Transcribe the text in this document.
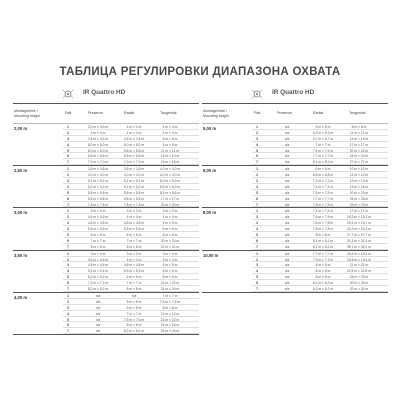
ТАБЛИЦА РЕГУЛИРОВКИ ДИАПАЗОНА ОХВАТА
IR Quattro HD
Montagehöhe / Mounting height
Patt	Presence	Radial	Tangential
2,00 m	1	3,0 m × 3,0 m	4 m × 4 m	4 m × 4 m
2	4 m × 4 m	4 m × 4 m	4 m × 4 m
3	4,5 m × 4,5 m	4,5 m × 4,5 m	5 m × 5 m
4	5,0 m × 5,0 m	5,0 m × 5,0 m	6 m × 6 m
5	6,0 m × 6,0 m	5,8 m × 5,8 m	11 m × 11 m
6	6,8 m × 6,8 m	6,8 m × 6,8 m	13 m × 13 m
7	7,0 m × 7,0 m	7,0 m × 7,0 m	16 m × 16 m
2,50 m	1	3,8 m × 3,8 m	3,8 m × 3,8 m	4,0 m × 4,0 m
2	4,0 m × 4,0 m	4,0 m × 4,0 m	4,0 m × 4,0 m
3	5,1 m × 5,1 m	5,1 m × 5,1 m	5,0 m × 5,0 m
4	5,2 m × 5,2 m	5,2 m × 5,2 m	6,0 m × 6,0 m
5	5,8 m × 5,8 m	5,8 m × 5,8 m	8,5 m × 8,5 m
6	6,8 m × 6,8 m	6,8 m × 6,8 m	17 m × 17 m
7	7,8 m × 7,8 m	7,8 m × 7,8 m	20 m × 20 m
3,00 m	1	3 m × 3 m	3 m × 3 m	3 m × 3 m
2	4,6 m × 4,6 m	4 m × 4 m	4 m × 4 m
3	4,8 m × 4,8 m	4,8 m × 4,8 m	5 m × 5 m
4	5,5 m × 5,5 m	5,5 m × 5,5 m	6 m × 6 m
5	6 m × 6 m	6 m × 6 m	8 m × 8 m
6	7 m × 7 m	7 m × 7 m	20 m × 20 m
7	8 m × 8 m	8 m × 8 m	22 m × 22 m
3,50 m	1	3 m × 3 m	3 m × 3 m	3 m × 3 m
2	4,6 m × 4,6 m	4 m × 4 m	4 m × 4 m
3	4,8 m × 4,8 m	4,8 m × 4,8 m	5 m × 5 m
4	5,4 m × 5,4 m	5,5 m × 5,5 m	6 m × 6 m
5	6,2 m × 6,2 m	6 m × 6 m	8 m × 8 m
6	7,2 m × 7,2 m	7 m × 7 m	22 m × 22 m
7	8,2 m × 8,2 m	8 m × 8 m	24 m × 24 m
4,00 m	1	n/a	n/a	7 m × 7 m
2	n/a	5 m × 5 m	7,5 m × 7,5 m
3	n/a	6 m × 6 m	8 m × 8 m
4	n/a	7 m × 7 m	12 m × 12 m
5	n/a	7,5 m × 7,5 m	22 m × 22 m
6	n/a	8 m × 8 m	24 m × 24 m
7	n/a	8,2 m × 8,2 m	24 m × 24 m
IR Quattro HD
Montagehöhe / Mounting height
Patt	Presence	Radial	Tangential
5,00 m	1	n/a	5 m × 5 m	8 m × 8 m
2	n/a	6,3 m × 6,3 m	11 m × 11 m
3	n/a	6,7 m × 6,7 m	14 m × 14 m
4	n/a	7 m × 7 m	17 m × 17 m
5	n/a	7,4 m × 7,4 m	20 m × 20 m
6	n/a	7,7 m × 7,7 m	24 m × 24 m
7	n/a	8,1 m × 8,1 m	27 m × 27 m
6,00 m	1	n/a	6 m × 6 m	10 m × 10 m
2	n/a	6,8 m × 6,8 m	12 m × 12 m
3	n/a	7,2 m × 7,2 m	13 m × 13 m
4	n/a	7,4 m × 7,4 m	16 m × 16 m
5	n/a	7,5 m × 7,5 m	20 m × 20 m
6	n/a	7,7 m × 7,7 m	26 m × 26 m
7	n/a	7,8 m × 7,8 m	29 m × 29 m
8,00 m	1	n/a	7,4 m × 7,4 m	17 m × 17 m
2	n/a	7,6 m × 7,6 m	18,3 m × 18,3 m
3	n/a	7,8 m × 7,8 m	19,1 m × 19,1 m
4	n/a	7,8 m × 7,8 m	22,3 m × 22,3 m
5	n/a	8 m × 8 m	27,7 m × 27,7 m
6	n/a	8,1 m × 8,1 m	31,5 m × 31,5 m
7	n/a	8,2 m × 8,2 m	35,1 m × 35,1 m
10,00 m	1	n/a	7,7 m × 7,7 m	18,4 m × 18,4 m
2	n/a	7,9 m × 7,9 m	19,6 m × 19,6 m
3	n/a	8 m × 8 m	21 m × 21 m
4	n/a	8 m × 8 m	22,5 m × 22,5 m
5	n/a	8 m × 8 m	25 m × 25 m
6	n/a	8,2 m × 8,2 m	30 m × 30 m
7	n/a	8,2 m × 8,2 m	32 m × 32 m
